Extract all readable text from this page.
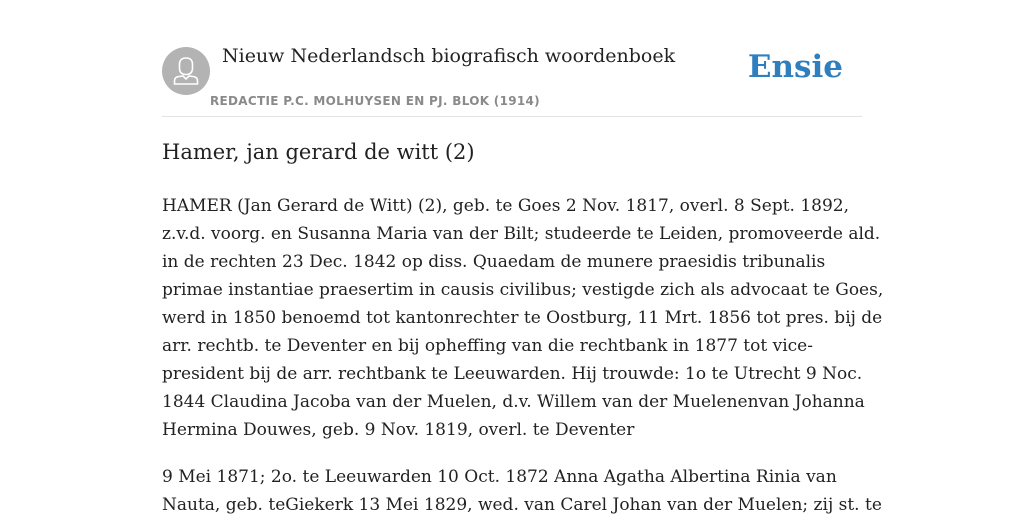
Nieuw Nederlandsch biografisch woordenboek
REDACTIE P.C. MOLHUYSEN EN PJ. BLOK (1914)
Ensie
Hamer, jan gerard de witt (2)
HAMER (Jan Gerard de Witt) (2), geb. te Goes 2 Nov. 1817, overl. 8 Sept. 1892,
z.v.d. voorg. en Susanna Maria van der Bilt; studeerde te Leiden, promoveerde ald.
in de rechten 23 Dec. 1842 op diss. Quaedam de munere praesidis tribunalis
primae instantiae praesertim in causis civilibus; vestigde zich als advocaat te Goes,
werd in 1850 benoemd tot kantonrechter te Oostburg, 11 Mrt. 1856 tot pres. bij de
arr. rechtb. te Deventer en bij opheffing van die rechtbank in 1877 tot vice-
president bij de arr. rechtbank te Leeuwarden. Hij trouwde: 1o te Utrecht 9 Noc.
1844 Claudina Jacoba van der Muelen, d.v. Willem van der Muelenenvan Johanna
Hermina Douwes, geb. 9 Nov. 1819, overl. te Deventer
9 Mei 1871; 2o. te Leeuwarden 10 Oct. 1872 Anna Agatha Albertina Rinia van
Nauta, geb. teGiekerk 13 Mei 1829, wed. van Carel Johan van der Muelen; zij st. te
